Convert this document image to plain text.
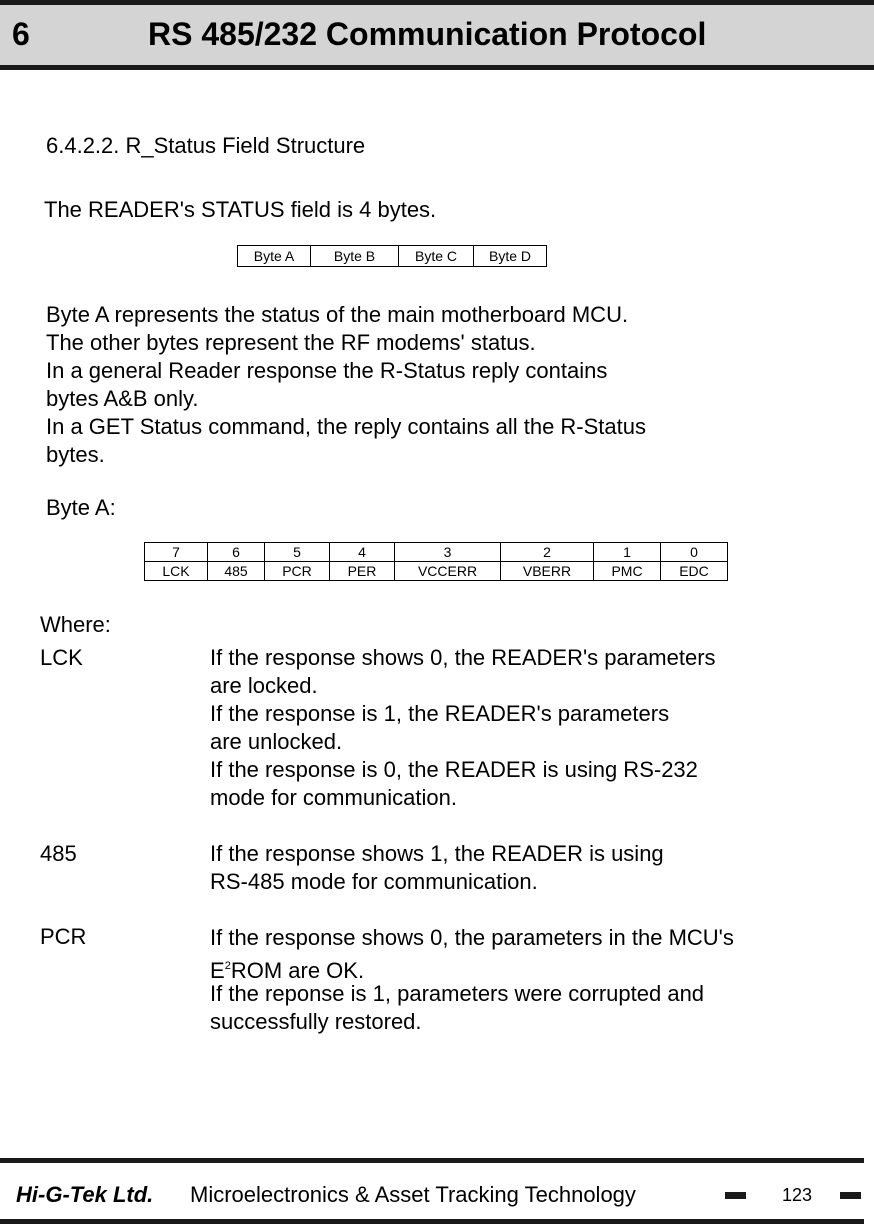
6	RS 485/232 Communication Protocol
6.4.2.2. R_Status Field Structure
The READER's STATUS field is 4 bytes.
Byte A	Byte B	Byte C	Byte D
Byte A represents the status of the main motherboard MCU.
The other bytes represent the RF modems' status.
In a general Reader response the R-Status reply contains
bytes A&B only.
In a GET Status command, the reply contains all the R-Status
bytes.
Byte A:
7	6	5	4	3	2	1	0
LCK	485	PCR	PER	VCCERR	VBERR	PMC	EDC
Where:
LCK	If the response shows 0, the READER's parameters
are locked.
If the response is 1, the READER's parameters
are unlocked.
If the response is 0, the READER is using RS-232
mode for communication.
485	If the response shows 1, the READER is using
RS-485 mode for communication.
PCR	If the response shows 0, the parameters in the MCU's
$E^2ROM$ are OK.
If the reponse is 1, parameters were corrupted and
successfully restored.
Hi-G-Tek Ltd. Microelectronics & Asset Tracking Technology	123
